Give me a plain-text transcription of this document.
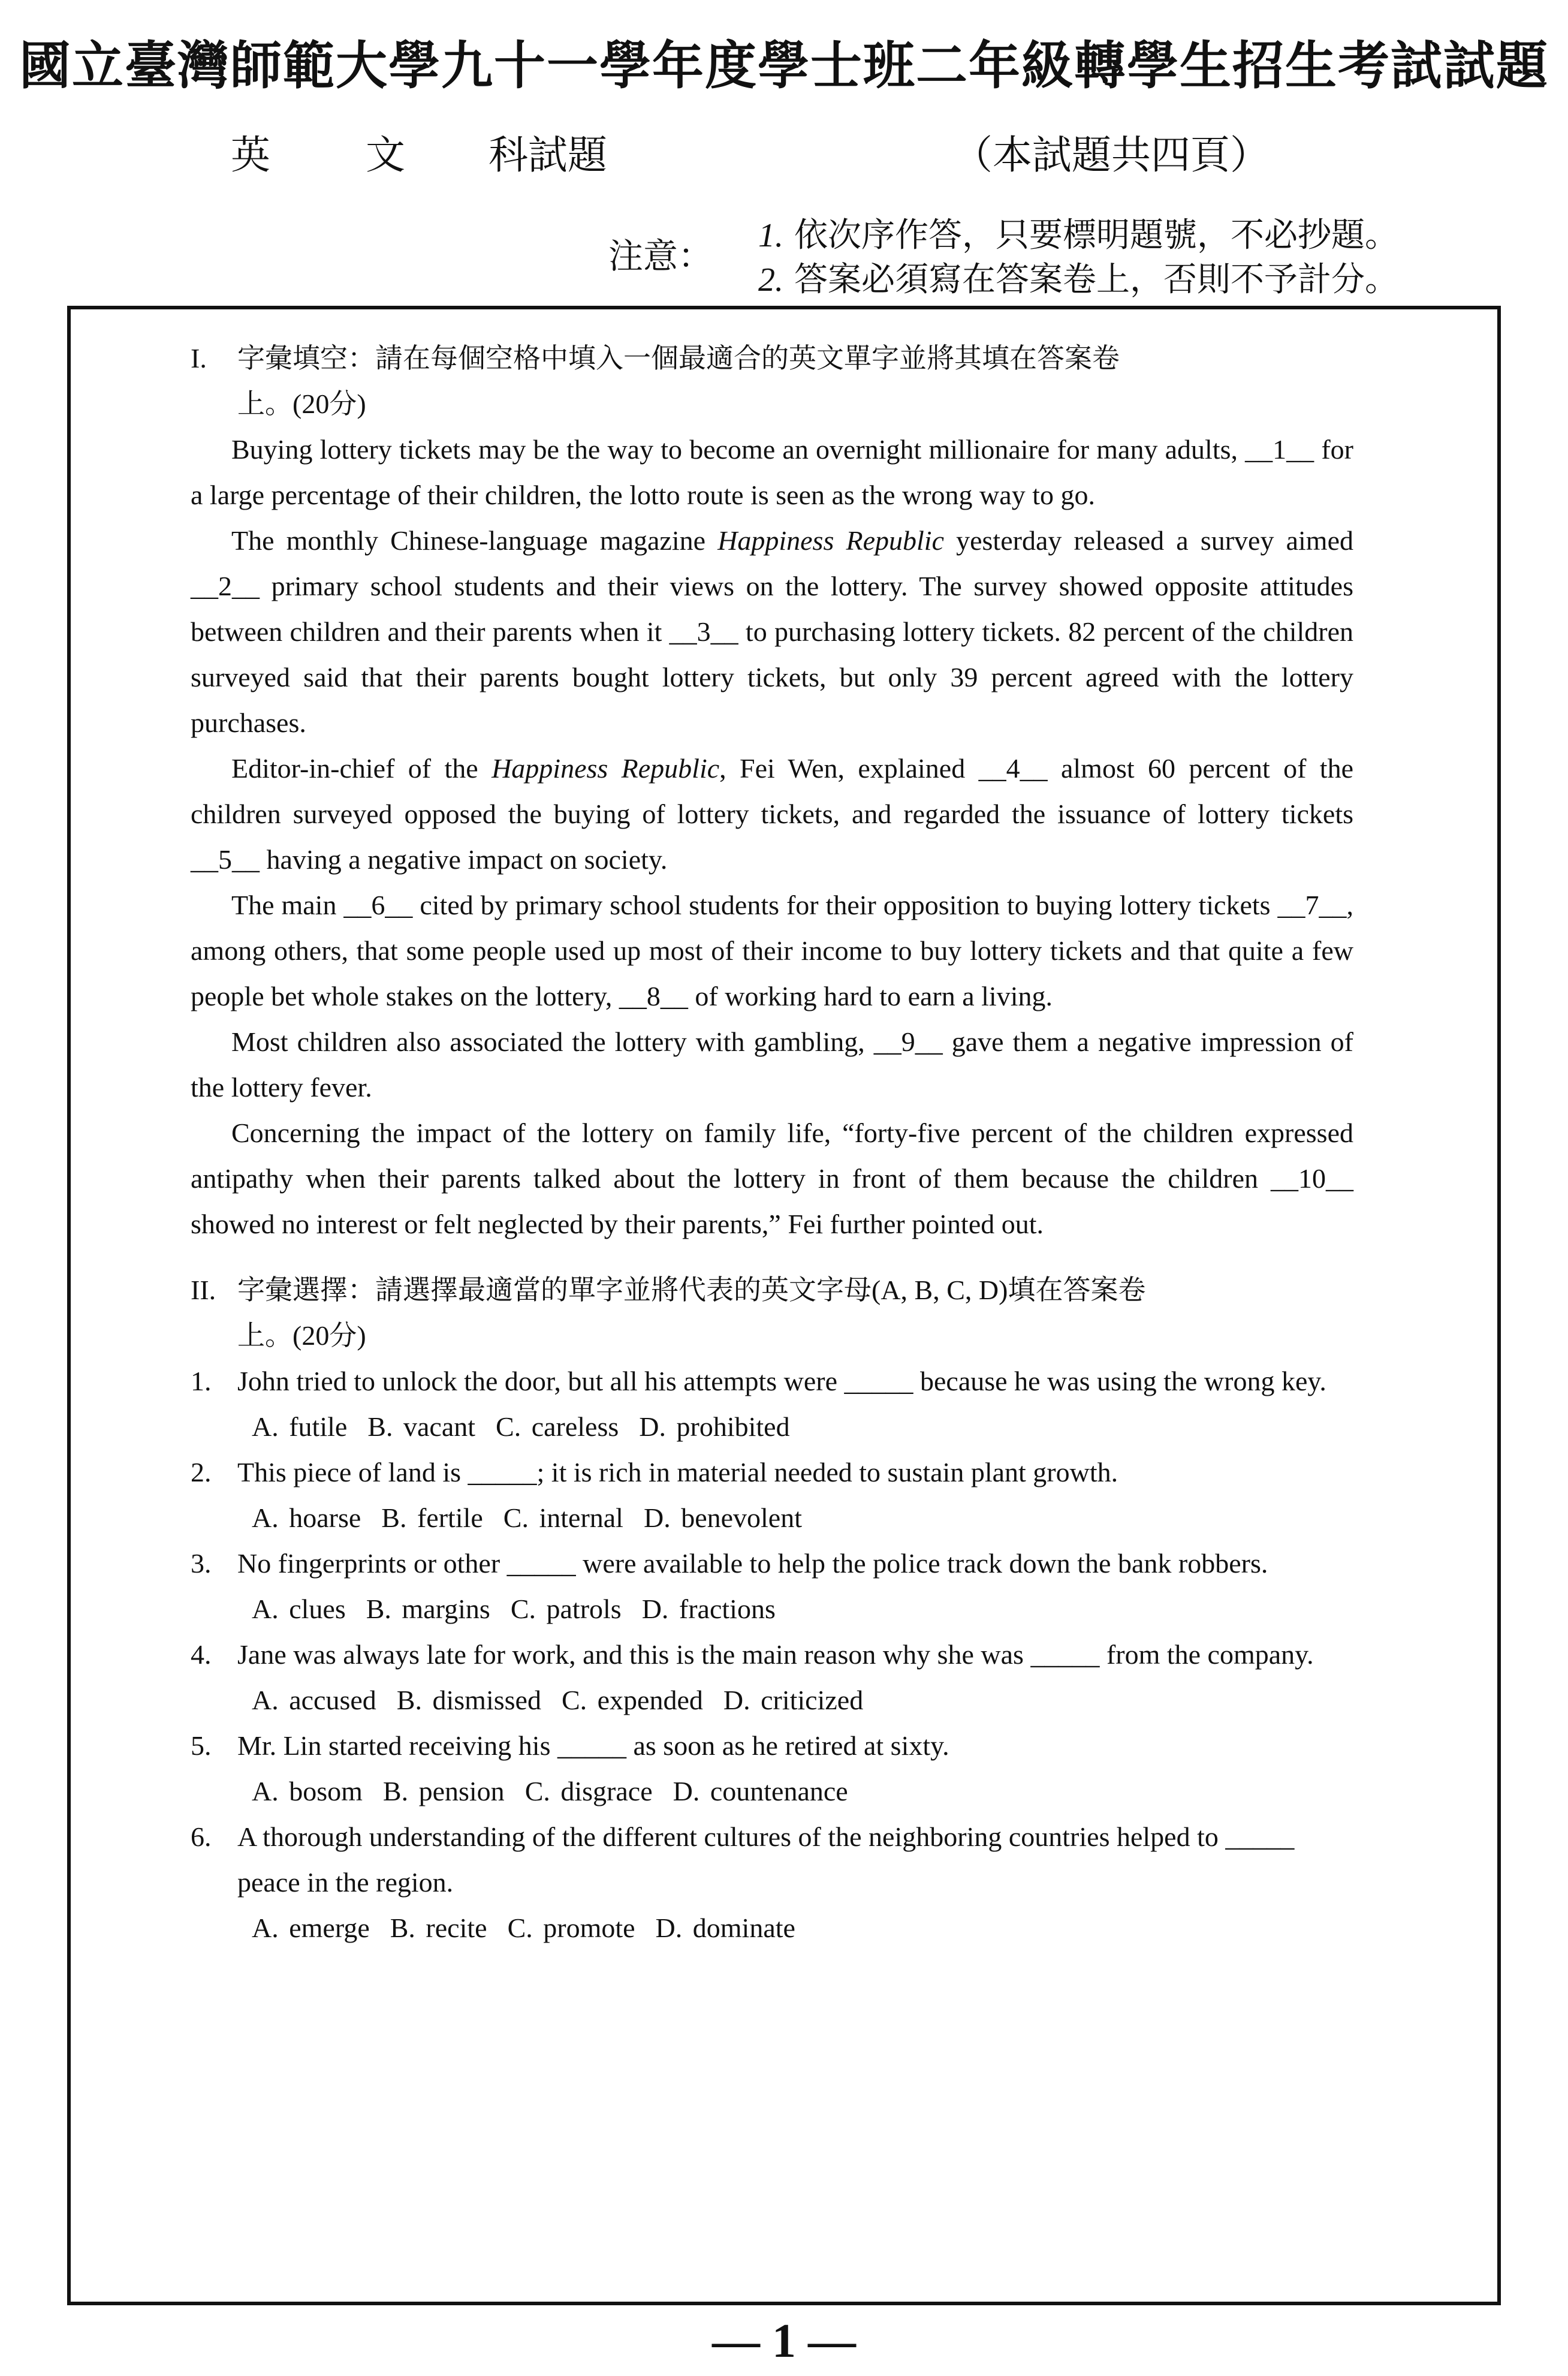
國立臺灣師範大學九十一學年度學士班二年級轉學生招生考試試題
英 文 科試題	（本試題共四頁）
注意：
1. 依次序作答，只要標明題號，不必抄題。
2. 答案必須寫在答案卷上，否則不予計分。
I. 字彙填空：請在每個空格中填入一個最適合的英文單字並將其填在答案卷
上。(20分)

Buying lottery tickets may be the way to become an overnight millionaire for many adults, __1__ for a large percentage of their children, the lotto route is seen as the wrong way to go.

The monthly Chinese-language magazine Happiness Republic yesterday released a survey aimed __2__ primary school students and their views on the lottery. The survey showed opposite attitudes between children and their parents when it __3__ to purchasing lottery tickets. 82 percent of the children surveyed said that their parents bought lottery tickets, but only 39 percent agreed with the lottery purchases.

Editor-in-chief of the Happiness Republic, Fei Wen, explained __4__ almost 60 percent of the children surveyed opposed the buying of lottery tickets, and regarded the issuance of lottery tickets __5__ having a negative impact on society.

The main __6__ cited by primary school students for their opposition to buying lottery tickets __7__, among others, that some people used up most of their income to buy lottery tickets and that quite a few people bet whole stakes on the lottery, __8__ of working hard to earn a living.

Most children also associated the lottery with gambling, __9__ gave them a negative impression of the lottery fever.

Concerning the impact of the lottery on family life, “forty-five percent of the children expressed antipathy when their parents talked about the lottery in front of them because the children __10__ showed no interest or felt neglected by their parents,” Fei further pointed out.

II. 字彙選擇：請選擇最適當的單字並將代表的英文字母(A, B, C, D)填在答案卷
上。(20分)
1. John tried to unlock the door, but all his attempts were _____ because he was using the wrong key.
A. futile B. vacant C. careless D. prohibited
2. This piece of land is _____; it is rich in material needed to sustain plant growth.
A. hoarse B. fertile C. internal D. benevolent
3. No fingerprints or other _____ were available to help the police track down the bank robbers.
A. clues B. margins C. patrols D. fractions
4. Jane was always late for work, and this is the main reason why she was _____ from the company.
A. accused B. dismissed C. expended D. criticized
5. Mr. Lin started receiving his _____ as soon as he retired at sixty.
A. bosom B. pension C. disgrace D. countenance
6. A thorough understanding of the different cultures of the neighboring countries helped to _____ peace in the region.
A. emerge B. recite C. promote D. dominate
— 1 —
